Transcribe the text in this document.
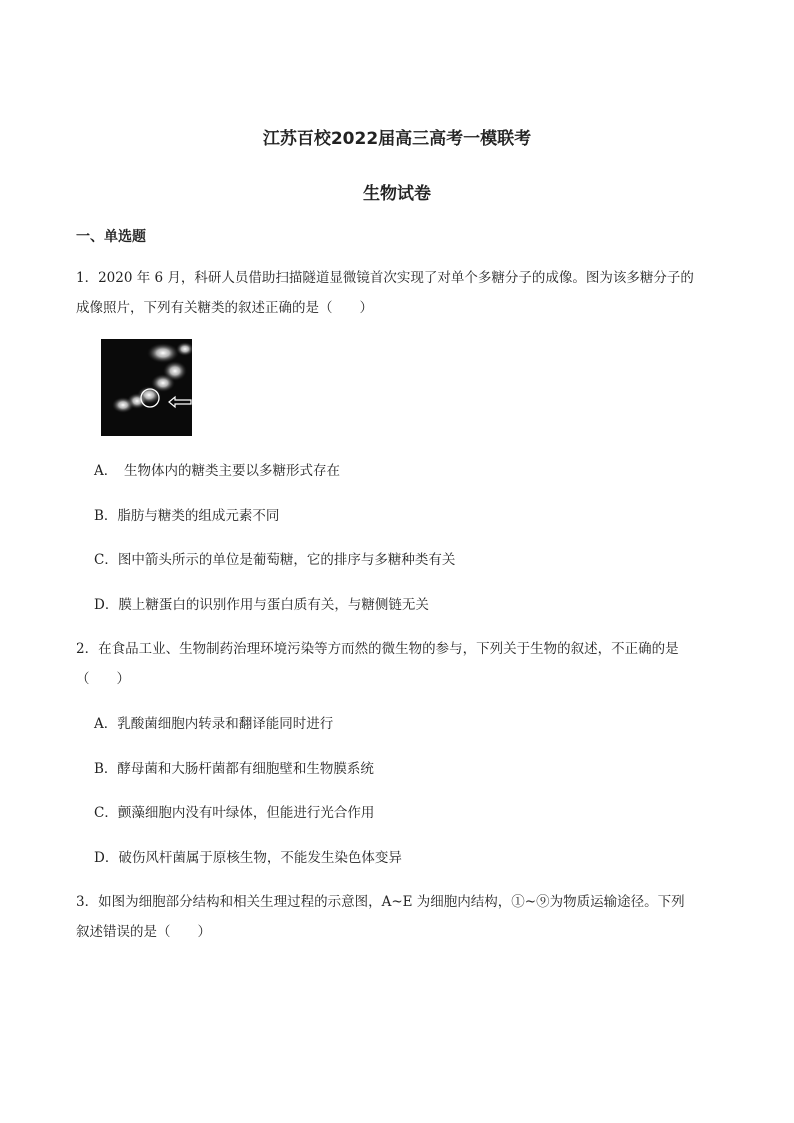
江苏百校2022届高三高考一模联考
生物试卷
一、单选题

1．2020 年 6 月，科研人员借助扫描隧道显微镜首次实现了对单个多糖分子的成像。图为该多糖分子的

成像照片，下列有关糖类的叙述正确的是（　　）

A．　生物体内的糖类主要以多糖形式存在

B．脂肪与糖类的组成元素不同

C．图中箭头所示的单位是葡萄糖，它的排序与多糖种类有关

D．膜上糖蛋白的识别作用与蛋白质有关，与糖侧链无关

2．在食品工业、生物制药治理环境污染等方而然的微生物的参与，下列关于生物的叙述，不正确的是

（　　）

A．乳酸菌细胞内转录和翻译能同时进行

B．酵母菌和大肠杆菌都有细胞壁和生物膜系统

C．颤藻细胞内没有叶绿体，但能进行光合作用

D．破伤风杆菌属于原核生物，不能发生染色体变异

3．如图为细胞部分结构和相关生理过程的示意图，A~E 为细胞内结构，①~⑨为物质运输途径。下列

叙述错误的是（　　）
